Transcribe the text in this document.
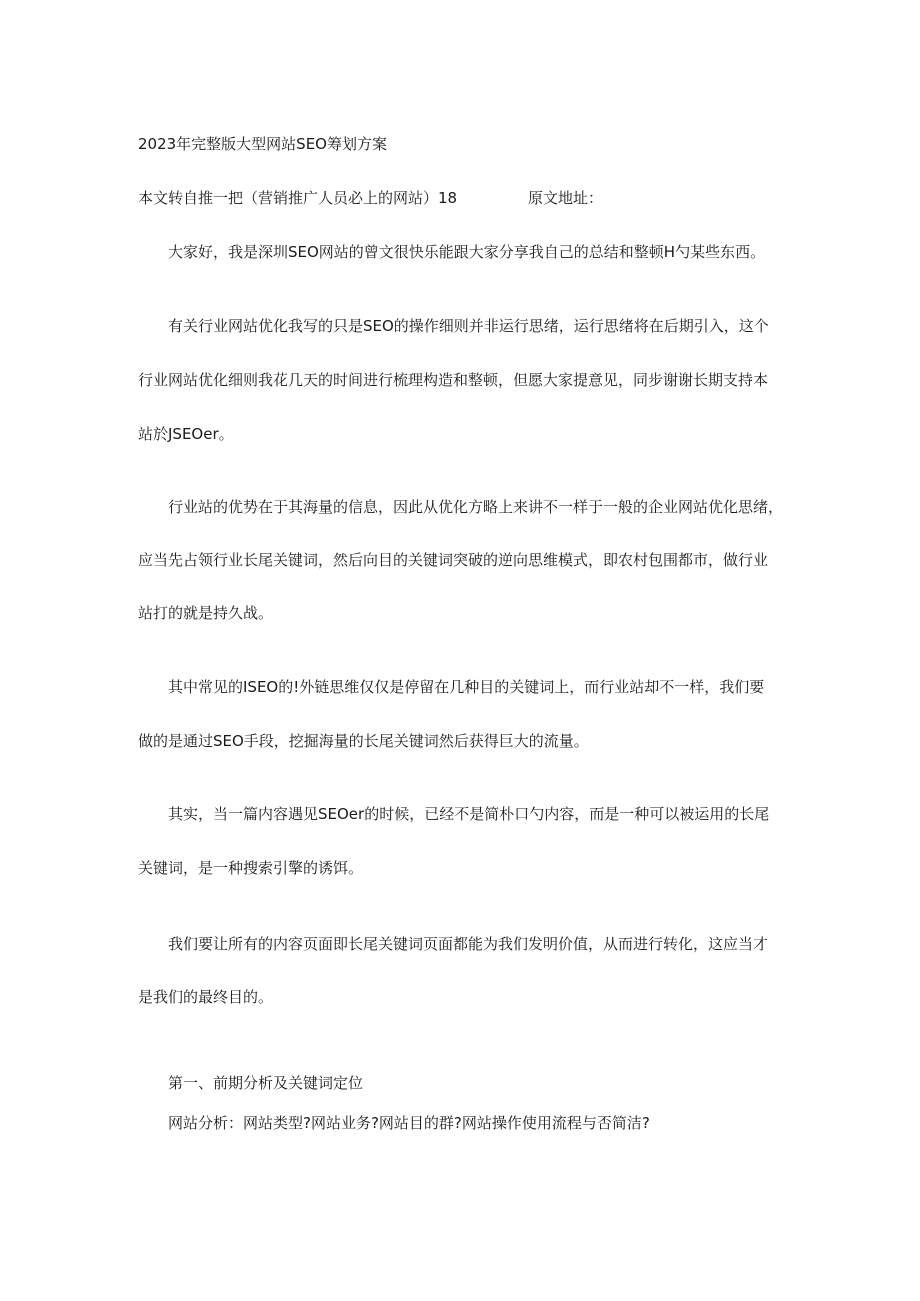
2023年完整版大型网站SEO筹划方案
本文转自推一把（营销推广人员必上的网站）18	原文地址：
大家好，我是深圳SEO网站的曾文很快乐能跟大家分享我自己的总结和整顿H勺某些东西。
有关行业网站优化我写的只是SEO的操作细则并非运行思绪，运行思绪将在后期引入，这个
行业网站优化细则我花几天的时间进行梳理构造和整顿，但愿大家提意见，同步谢谢长期支持本
站於JSEOer。
行业站的优势在于其海量的信息，因此从优化方略上来讲不一样于一般的企业网站优化思绪，
应当先占领行业长尾关键词，然后向目的关键词突破的逆向思维模式，即农村包围都市，做行业
站打的就是持久战。
其中常见的ISEO的!外链思维仅仅是停留在几种目的关键词上，而行业站却不一样，我们要
做的是通过SEO手段，挖掘海量的长尾关键词然后获得巨大的流量。
其实，当一篇内容遇见SEOer的时候，已经不是简朴口勺内容，而是一种可以被运用的长尾
关键词，是一种搜索引擎的诱饵。
我们要让所有的内容页面即长尾关键词页面都能为我们发明价值，从而进行转化，这应当才
是我们的最终目的。
第一、前期分析及关键词定位
网站分析：网站类型?网站业务?网站目的群?网站操作使用流程与否简洁?
